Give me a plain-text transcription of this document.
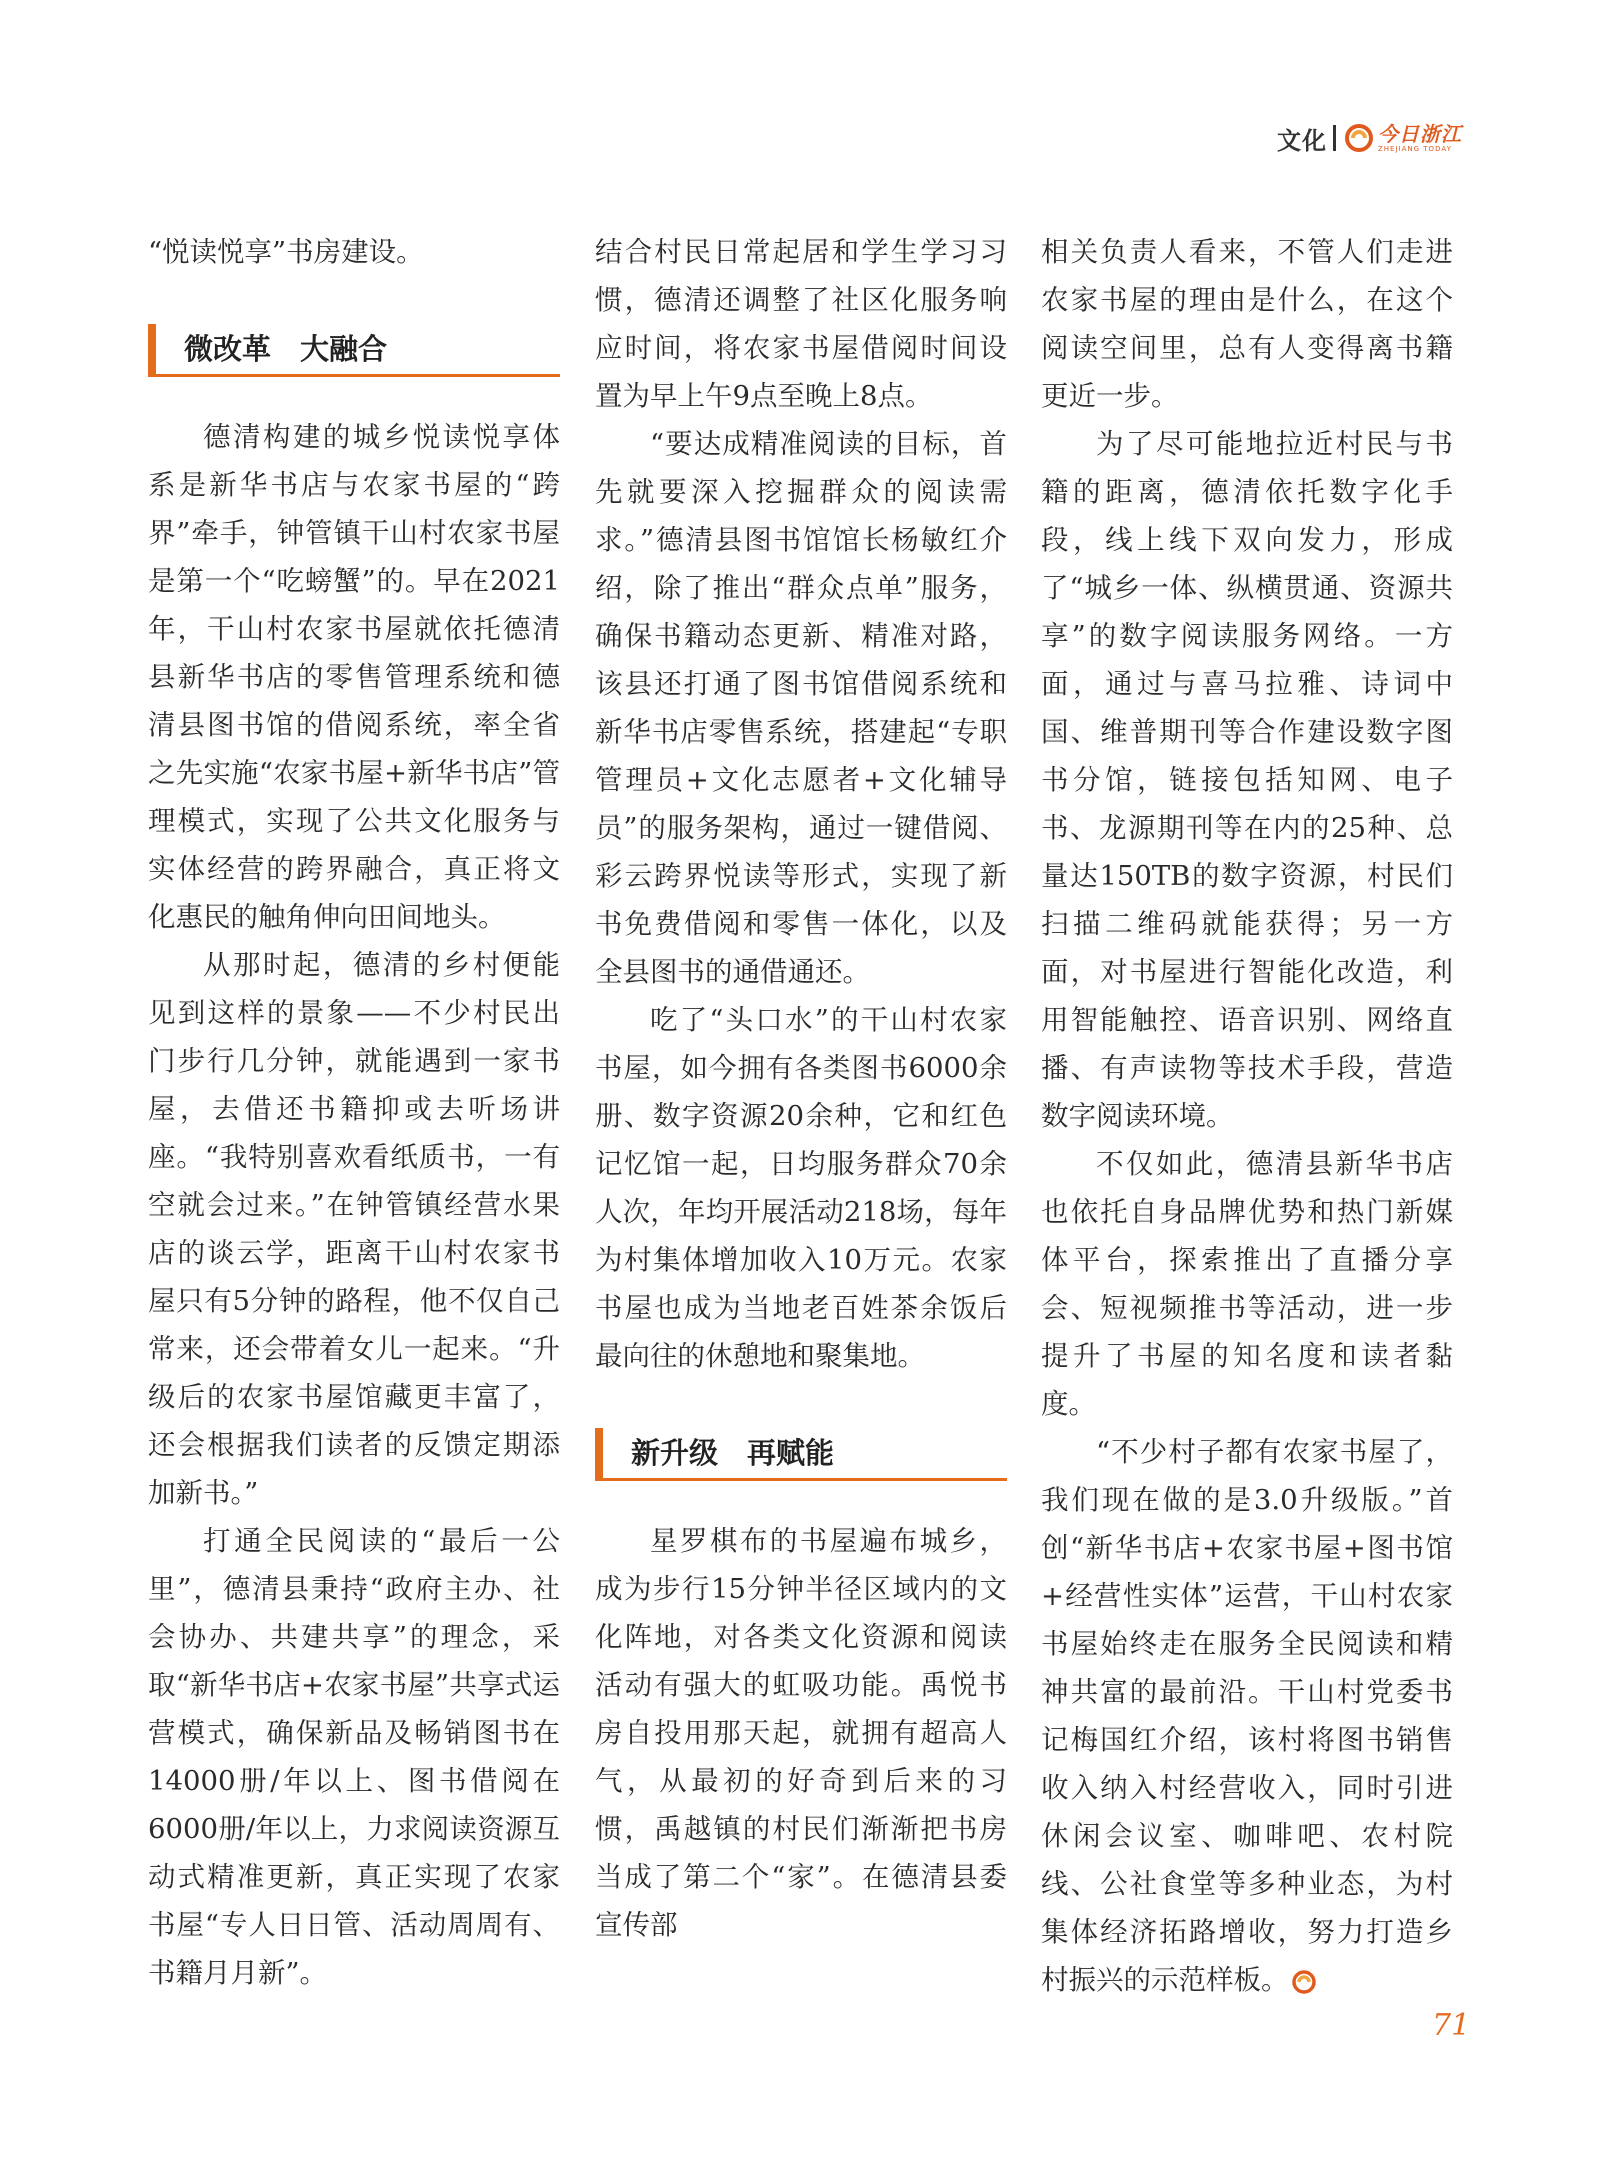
文化	今日浙江
ZHEJIANG TODAY

“悦读悦享”书房建设。

微改革　大融合

德清构建的城乡悦读悦享体系是新华书店与农家书屋的“跨界”牵手，钟管镇干山村农家书屋是第一个“吃螃蟹”的。早在2021年，干山村农家书屋就依托德清县新华书店的零售管理系统和德清县图书馆的借阅系统，率全省之先实施“农家书屋+新华书店”管理模式，实现了公共文化服务与实体经营的跨界融合，真正将文化惠民的触角伸向田间地头。

从那时起，德清的乡村便能见到这样的景象——不少村民出门步行几分钟，就能遇到一家书屋，去借还书籍抑或去听场讲座。“我特别喜欢看纸质书，一有空就会过来。”在钟管镇经营水果店的谈云学，距离干山村农家书屋只有5分钟的路程，他不仅自己常来，还会带着女儿一起来。“升级后的农家书屋馆藏更丰富了，还会根据我们读者的反馈定期添加新书。”

打通全民阅读的“最后一公里”，德清县秉持“政府主办、社会协办、共建共享”的理念，采取“新华书店+农家书屋”共享式运营模式，确保新品及畅销图书在14000册/年以上、图书借阅在6000册/年以上，力求阅读资源互动式精准更新，真正实现了农家书屋“专人日日管、活动周周有、书籍月月新”。

结合村民日常起居和学生学习习惯，德清还调整了社区化服务响应时间，将农家书屋借阅时间设置为早上午9点至晚上8点。

“要达成精准阅读的目标，首先就要深入挖掘群众的阅读需求。”德清县图书馆馆长杨敏红介绍，除了推出“群众点单”服务，确保书籍动态更新、精准对路，该县还打通了图书馆借阅系统和新华书店零售系统，搭建起“专职管理员+文化志愿者+文化辅导员”的服务架构，通过一键借阅、彩云跨界悦读等形式，实现了新书免费借阅和零售一体化，以及全县图书的通借通还。

吃了“头口水”的干山村农家书屋，如今拥有各类图书6000余册、数字资源20余种，它和红色记忆馆一起，日均服务群众70余人次，年均开展活动218场，每年为村集体增加收入10万元。农家书屋也成为当地老百姓茶余饭后最向往的休憩地和聚集地。

新升级　再赋能

星罗棋布的书屋遍布城乡，成为步行15分钟半径区域内的文化阵地，对各类文化资源和阅读活动有强大的虹吸功能。禹悦书房自投用那天起，就拥有超高人气，从最初的好奇到后来的习惯，禹越镇的村民们渐渐把书房当成了第二个“家”。在德清县委宣传部

相关负责人看来，不管人们走进农家书屋的理由是什么，在这个阅读空间里，总有人变得离书籍更近一步。

为了尽可能地拉近村民与书籍的距离，德清依托数字化手段，线上线下双向发力，形成了“城乡一体、纵横贯通、资源共享”的数字阅读服务网络。一方面，通过与喜马拉雅、诗词中国、维普期刊等合作建设数字图书分馆，链接包括知网、电子书、龙源期刊等在内的25种、总量达150TB的数字资源，村民们扫描二维码就能获得；另一方面，对书屋进行智能化改造，利用智能触控、语音识别、网络直播、有声读物等技术手段，营造数字阅读环境。

不仅如此，德清县新华书店也依托自身品牌优势和热门新媒体平台，探索推出了直播分享会、短视频推书等活动，进一步提升了书屋的知名度和读者黏度。

“不少村子都有农家书屋了，我们现在做的是3.0升级版。”首创“新华书店+农家书屋+图书馆+经营性实体”运营，干山村农家书屋始终走在服务全民阅读和精神共富的最前沿。干山村党委书记梅国红介绍，该村将图书销售收入纳入村经营收入，同时引进休闲会议室、咖啡吧、农村院线、公社食堂等多种业态，为村集体经济拓路增收，努力打造乡村振兴的示范样板。

71
